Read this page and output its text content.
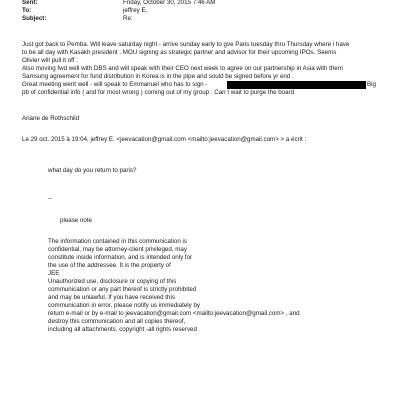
Sent:	Friday, October 30, 2015 7:46 AM
To:	jeffrey E.
Subject:	Re:
Just got back to Pemba. Will leave saturday night - arrive sunday early to gve Paris tuesday thru Thursday where i have
to be all day with Kasakh president . MOU signing as strategic partner and advisor for their upcoming IPOs. Seems
Olivier will pull it off .
Also moving fwd well with DBS and will speak with their CEO next week to agree on our partnership in Asia with them
Samsung agreement for fund distribution in Korea is in the pipe and sould be signed before yr end .
Great meeting went well - will speak to Emmanuel who has to sign -	Big
pb of confidential info ( and for most wrong ) coming out of my group . Can t wait to purge the board
Ariane de Rothschild
Le 29 oct. 2015 à 19:04, jeffrey E. <jeevacation@gmail.com <mailto:jeevacation@gmail.com> > a écrit :
what day do you return to paris?
--
please note
The information contained in this communication is
confidential, may be attorney-client privileged, may
constitute inside information, and is intended only for
the use of the addressee. It is the property of
JEE
Unauthorized use, disclosure or copying of this
communication or any part thereof is strictly prohibited
and may be unlawful. If you have received this
communication in error, please notify us immediately by
return e-mail or by e-mail to jeevacation@gmail.com <mailto:jeevacation@gmail.com> , and
destroy this communication and all copies thereof,
including all attachments. copyright -all rights reserved
